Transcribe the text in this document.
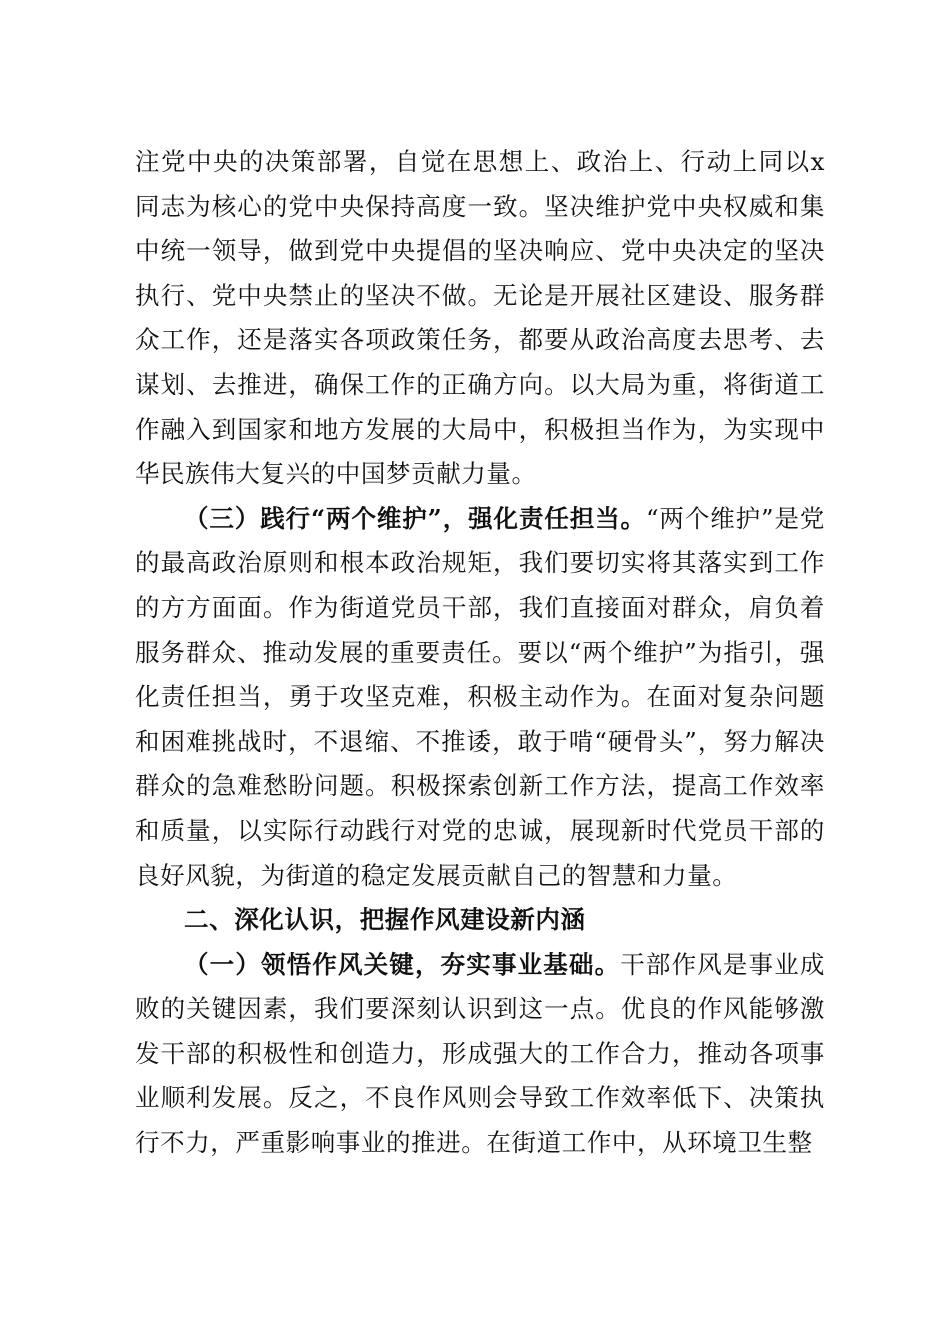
注党中央的决策部署，自觉在思想上、政治上、行动上同以x同志为核心的党中央保持高度一致。坚决维护党中央权威和集中统一领导，做到党中央提倡的坚决响应、党中央决定的坚决执行、党中央禁止的坚决不做。无论是开展社区建设、服务群众工作，还是落实各项政策任务，都要从政治高度去思考、去谋划、去推进，确保工作的正确方向。以大局为重，将街道工作融入到国家和地方发展的大局中，积极担当作为，为实现中华民族伟大复兴的中国梦贡献力量。

（三）践行“两个维护”，强化责任担当。“两个维护”是党的最高政治原则和根本政治规矩，我们要切实将其落实到工作的方方面面。作为街道党员干部，我们直接面对群众，肩负着服务群众、推动发展的重要责任。要以“两个维护”为指引，强化责任担当，勇于攻坚克难，积极主动作为。在面对复杂问题和困难挑战时，不退缩、不推诿，敢于啃“硬骨头”，努力解决群众的急难愁盼问题。积极探索创新工作方法，提高工作效率和质量，以实际行动践行对党的忠诚，展现新时代党员干部的良好风貌，为街道的稳定发展贡献自己的智慧和力量。

二、深化认识，把握作风建设新内涵

（一）领悟作风关键，夯实事业基础。干部作风是事业成败的关键因素，我们要深刻认识到这一点。优良的作风能够激发干部的积极性和创造力，形成强大的工作合力，推动各项事业顺利发展。反之，不良作风则会导致工作效率低下、决策执行不力，严重影响事业的推进。在街道工作中，从环境卫生整
